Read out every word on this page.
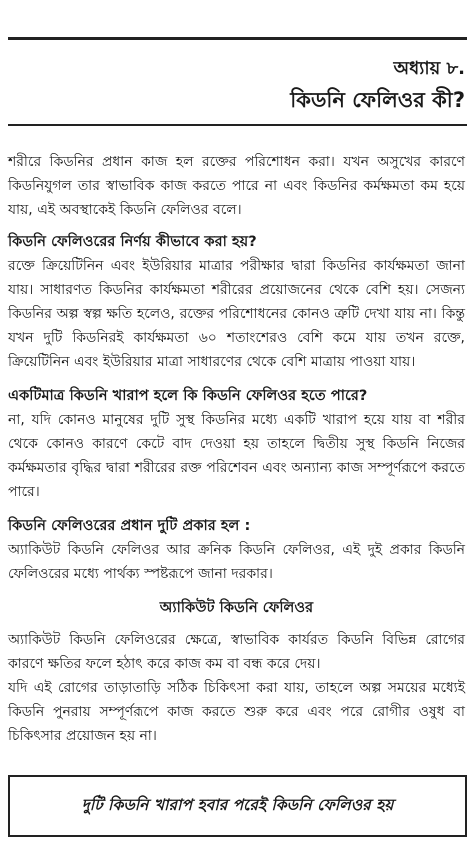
অধ্যায় ৮.
কিডনি ফেলিওর কী?

শরীরে কিডনির প্রধান কাজ হল রক্তের পরিশোধন করা। যখন অসুখের কারণে কিডনিযুগল তার স্বাভাবিক কাজ করতে পারে না এবং কিডনির কর্মক্ষমতা কম হয়ে যায়, এই অবস্থাকেই কিডনি ফেলিওর বলে।

কিডনি ফেলিওরের নির্ণয় কীভাবে করা হয়?

রক্তে ক্রিয়েটিনিন এবং ইউরিয়ার মাত্রার পরীক্ষার দ্বারা কিডনির কার্যক্ষমতা জানা যায়। সাধারণত কিডনির কার্যক্ষমতা শরীরের প্রয়োজনের থেকে বেশি হয়। সেজন্য কিডনির অল্প স্বল্প ক্ষতি হলেও, রক্তের পরিশোধনের কোনও ত্রুটি দেখা যায় না। কিন্তু যখন দুটি কিডনিরই কার্যক্ষমতা ৬০ শতাংশেরও বেশি কমে যায় তখন রক্তে, ক্রিয়েটিনিন এবং ইউরিয়ার মাত্রা সাধারণের থেকে বেশি মাত্রায় পাওয়া যায়।

একটিমাত্র কিডনি খারাপ হলে কি কিডনি ফেলিওর হতে পারে?

না, যদি কোনও মানুষের দুটি সুস্থ কিডনির মধ্যে একটি খারাপ হয়ে যায় বা শরীর থেকে কোনও কারণে কেটে বাদ দেওয়া হয় তাহলে দ্বিতীয় সুস্থ কিডনি নিজের কর্মক্ষমতার বৃদ্ধির দ্বারা শরীরের রক্ত পরিশেবন এবং অন্যান্য কাজ সম্পূর্ণরূপে করতে পারে।

কিডনি ফেলিওরের প্রধান দুটি প্রকার হল :

অ্যাকিউট কিডনি ফেলিওর আর ক্রনিক কিডনি ফেলিওর, এই দুই প্রকার কিডনি ফেলিওরের মধ্যে পার্থক্য স্পষ্টরূপে জানা দরকার।

অ্যাকিউট কিডনি ফেলিওর

অ্যাকিউট কিডনি ফেলিওরের ক্ষেত্রে, স্বাভাবিক কার্যরত কিডনি বিভিন্ন রোগের কারণে ক্ষতির ফলে হঠাৎ করে কাজ কম বা বন্ধ করে দেয়।

যদি এই রোগের তাড়াতাড়ি সঠিক চিকিৎসা করা যায়, তাহলে অল্প সময়ের মধ্যেই কিডনি পুনরায় সম্পূর্ণরূপে কাজ করতে শুরু করে এবং পরে রোগীর ওষুধ বা চিকিৎসার প্রয়োজন হয় না।

দুটি কিডনি খারাপ হবার পরেই কিডনি ফেলিওর হয়
